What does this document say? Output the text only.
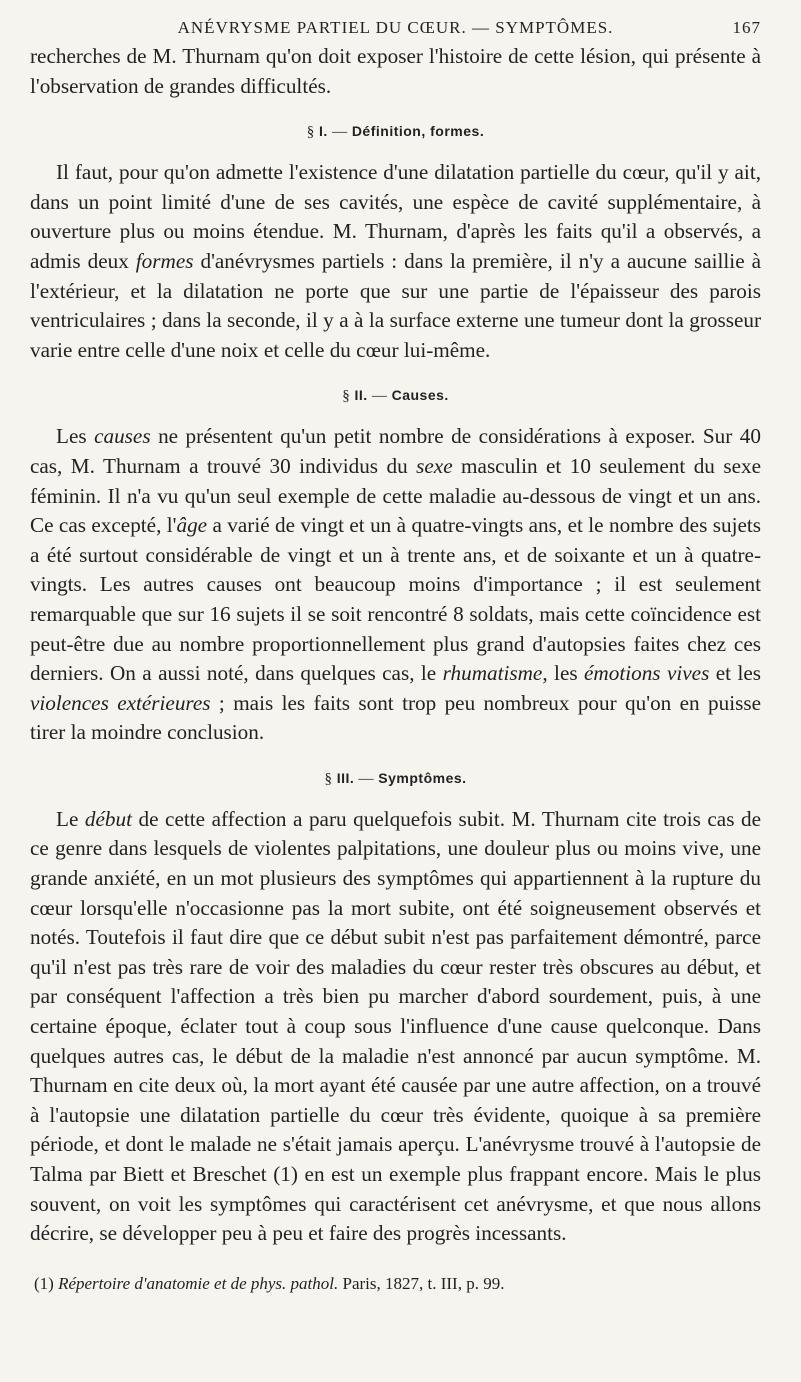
ANÉVRYSME PARTIEL DU CŒUR. — SYMPTÔMES.	167

recherches de M. Thurnam qu'on doit exposer l'histoire de cette lésion, qui présente à l'observation de grandes difficultés.

§ I. — Définition, formes.

Il faut, pour qu'on admette l'existence d'une dilatation partielle du cœur, qu'il y ait, dans un point limité d'une de ses cavités, une espèce de cavité supplémentaire, à ouverture plus ou moins étendue. M. Thurnam, d'après les faits qu'il a observés, a admis deux formes d'anévrysmes partiels : dans la première, il n'y a aucune saillie à l'extérieur, et la dilatation ne porte que sur une partie de l'épaisseur des parois ventriculaires ; dans la seconde, il y a à la surface externe une tumeur dont la grosseur varie entre celle d'une noix et celle du cœur lui-même.

§ II. — Causes.

Les causes ne présentent qu'un petit nombre de considérations à exposer. Sur 40 cas, M. Thurnam a trouvé 30 individus du sexe masculin et 10 seulement du sexe féminin. Il n'a vu qu'un seul exemple de cette maladie au-dessous de vingt et un ans. Ce cas excepté, l'âge a varié de vingt et un à quatre-vingts ans, et le nombre des sujets a été surtout considérable de vingt et un à trente ans, et de soixante et un à quatre-vingts. Les autres causes ont beaucoup moins d'importance ; il est seulement remarquable que sur 16 sujets il se soit rencontré 8 soldats, mais cette coïncidence est peut-être due au nombre proportionnellement plus grand d'autopsies faites chez ces derniers. On a aussi noté, dans quelques cas, le rhumatisme, les émotions vives et les violences extérieures ; mais les faits sont trop peu nombreux pour qu'on en puisse tirer la moindre conclusion.

§ III. — Symptômes.

Le début de cette affection a paru quelquefois subit. M. Thurnam cite trois cas de ce genre dans lesquels de violentes palpitations, une douleur plus ou moins vive, une grande anxiété, en un mot plusieurs des symptômes qui appartiennent à la rupture du cœur lorsqu'elle n'occasionne pas la mort subite, ont été soigneusement observés et notés. Toutefois il faut dire que ce début subit n'est pas parfaitement démontré, parce qu'il n'est pas très rare de voir des maladies du cœur rester très obscures au début, et par conséquent l'affection a très bien pu marcher d'abord sourdement, puis, à une certaine époque, éclater tout à coup sous l'influence d'une cause quelconque. Dans quelques autres cas, le début de la maladie n'est annoncé par aucun symptôme. M. Thurnam en cite deux où, la mort ayant été causée par une autre affection, on a trouvé à l'autopsie une dilatation partielle du cœur très évidente, quoique à sa première période, et dont le malade ne s'était jamais aperçu. L'anévrysme trouvé à l'autopsie de Talma par Biett et Breschet (1) en est un exemple plus frappant encore. Mais le plus souvent, on voit les symptômes qui caractérisent cet anévrysme, et que nous allons décrire, se développer peu à peu et faire des progrès incessants.

(1) Répertoire d'anatomie et de phys. pathol. Paris, 1827, t. III, p. 99.
